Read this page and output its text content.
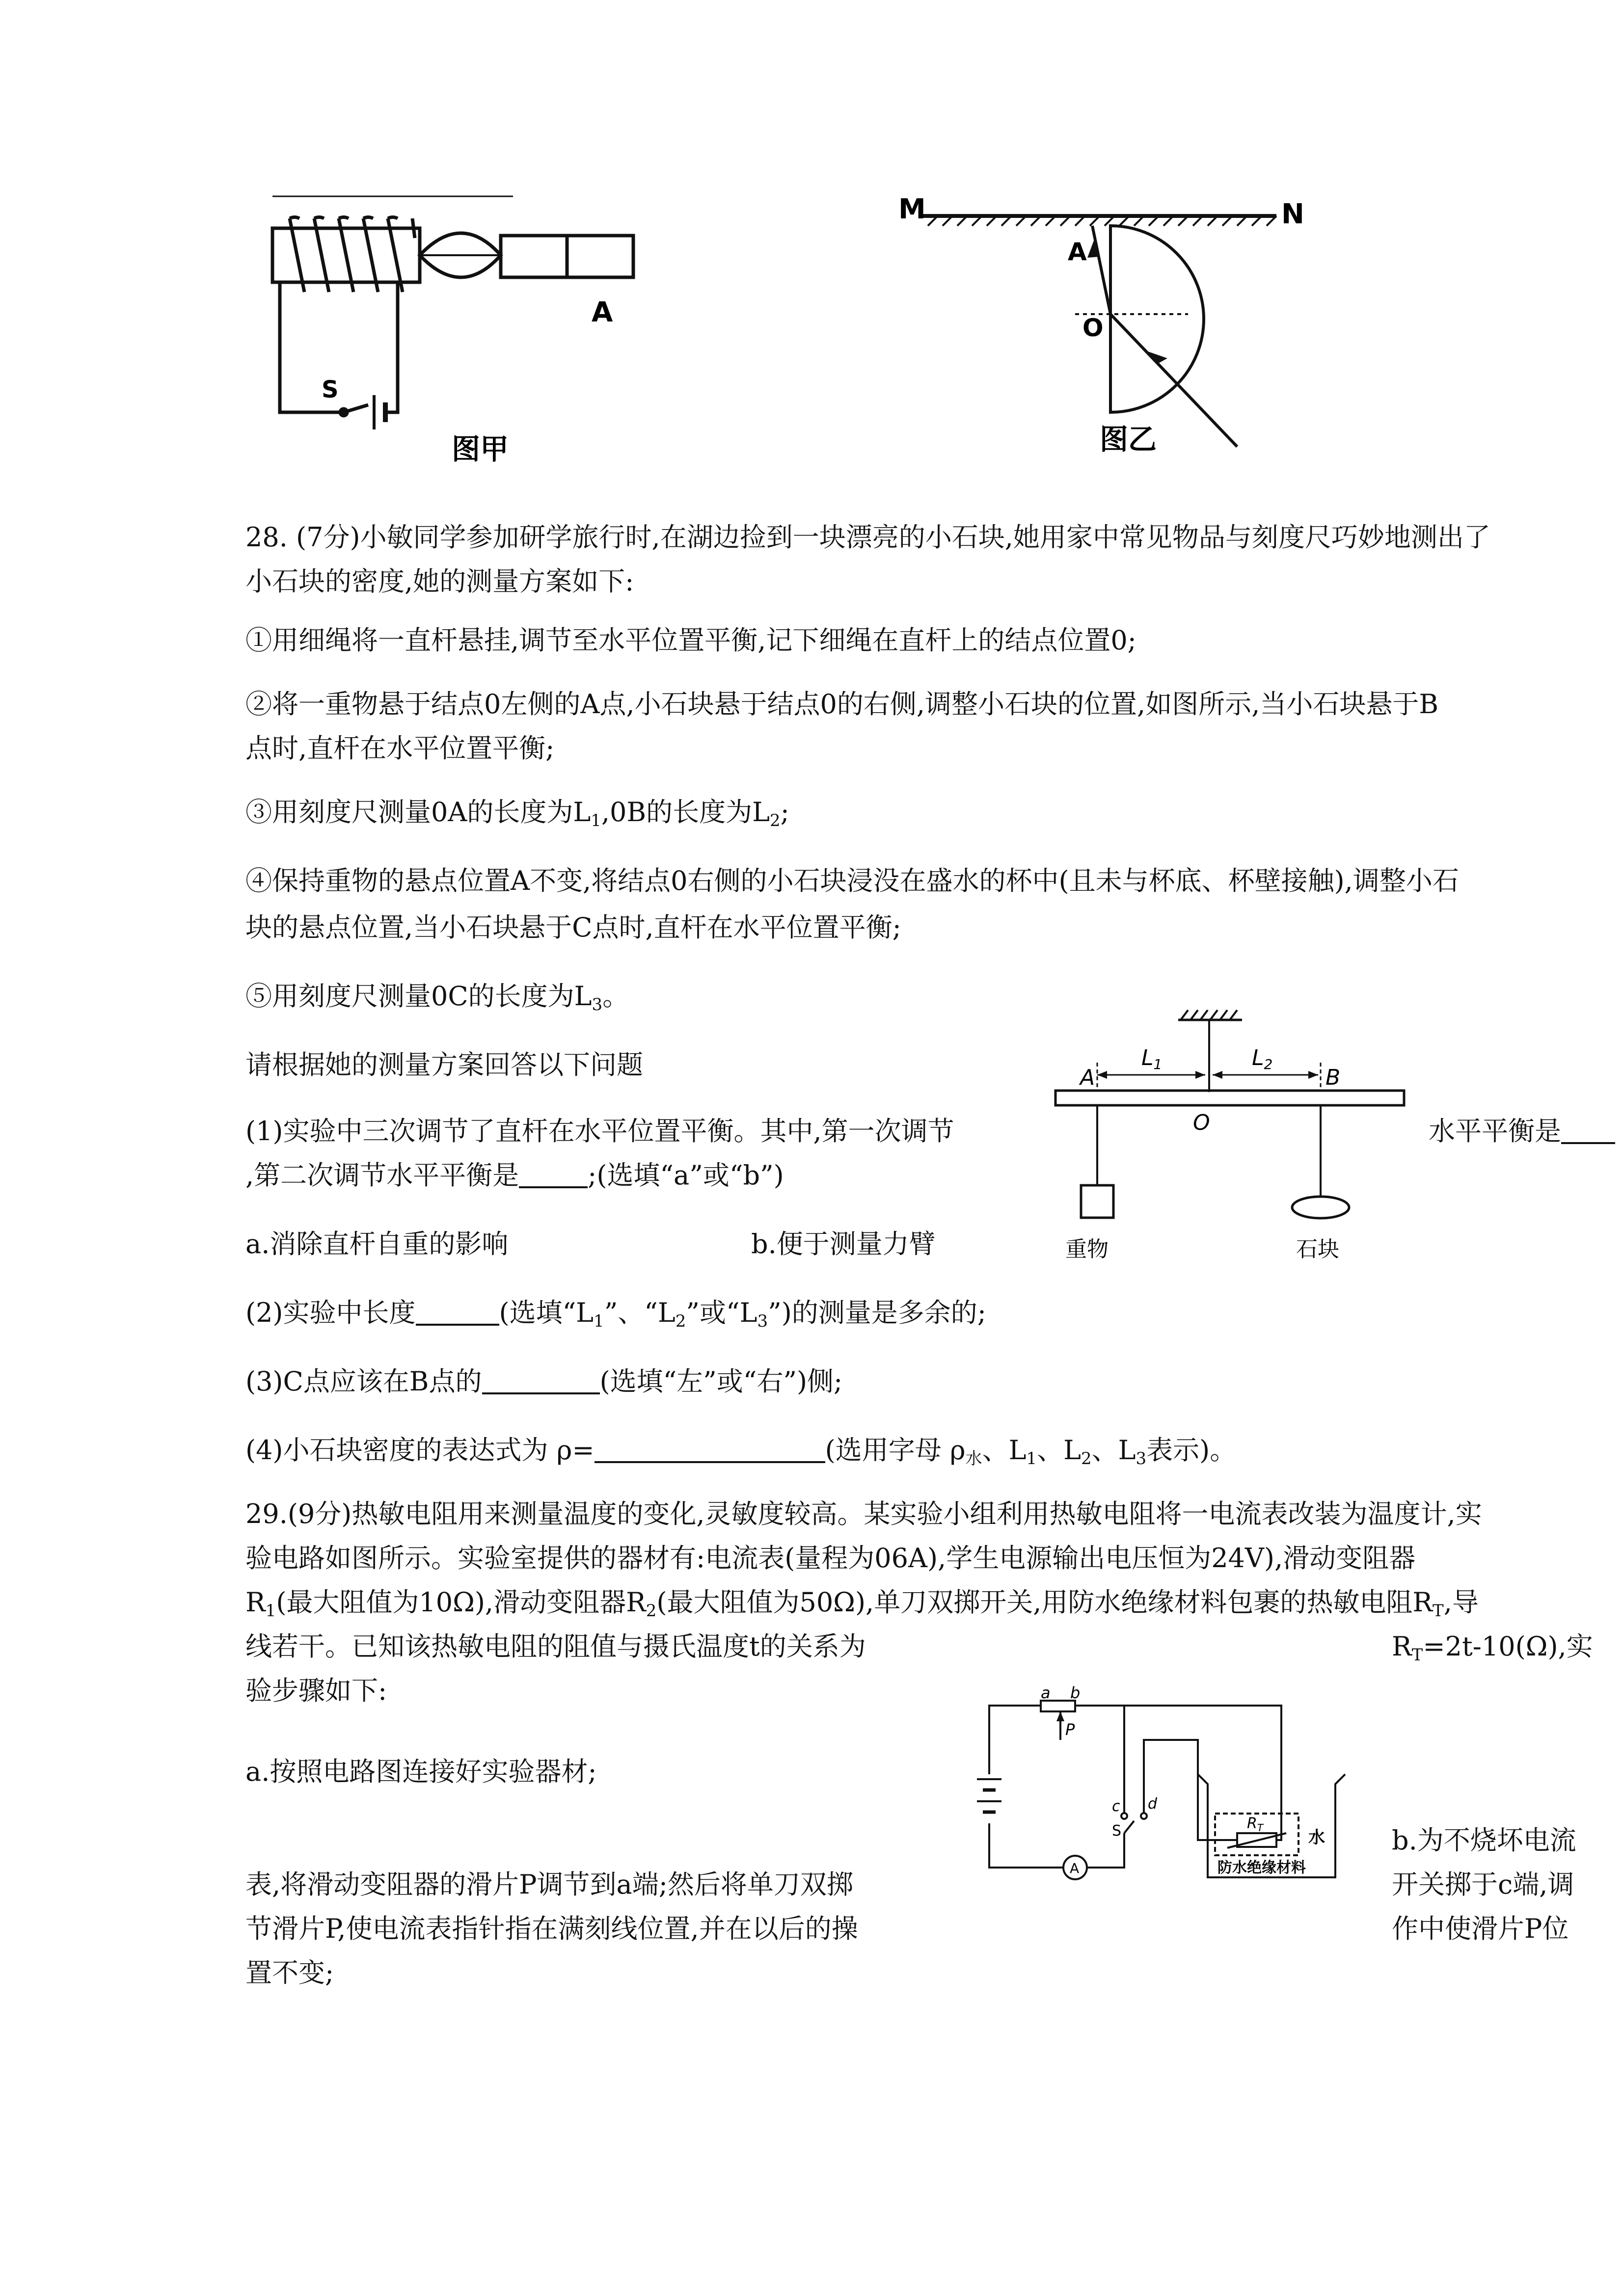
A
S
图甲
M	N
A
O
图乙
28. (7分)小敏同学参加研学旅行时,在湖边捡到一块漂亮的小石块,她用家中常见物品与刻度尺巧妙地测出了
小石块的密度,她的测量方案如下:
①用细绳将一直杆悬挂,调节至水平位置平衡,记下细绳在直杆上的结点位置0;
②将一重物悬于结点0左侧的A点,小石块悬于结点0的右侧,调整小石块的位置,如图所示,当小石块悬于B
点时,直杆在水平位置平衡;
③用刻度尺测量0A的长度为$L_1,0B$的长度为$L_2$;
④保持重物的悬点位置A不变,将结点0右侧的小石块浸没在盛水的杯中(且未与杯底、杯壁接触),调整小石
块的悬点位置,当小石块悬于C点时,直杆在水平位置平衡;
⑤用刻度尺测量0C的长度为$L_3$。
请根据她的测量方案回答以下问题	A	B
O
L1	L2
重物	石块
(1)实验中三次调节了直杆在水平位置平衡。其中,第一次调节	水平平衡是
,第二次调节水平平衡是	;(选填“a”或“b”)
a.消除直杆自重的影响	b.便于测量力臂
(2)实验中长度	(选填“$L_1$”、“$L_2$”或“$L_3$”)的测量是多余的;
(3)C点应该在B点的	(选填“左”或“右”)侧;
(4)小石块密度的表达式为 ρ=	(选用字母 $\rho_水$、$L_1$、$L_2$、$L_3$表示)。
29.(9分)热敏电阻用来测量温度的变化,灵敏度较高。某实验小组利用热敏电阻将一电流表改装为温度计,实
验电路如图所示。实验室提供的器材有:电流表(量程为06A),学生电源输出电压恒为24V),滑动变阻器
$R_1$(最大阻值为10Ω),滑动变阻器$R_2$(最大阻值为50Ω),单刀双掷开关,用防水绝缘材料包裹的热敏电阻$R_T$,导
线若干。已知该热敏电阻的阻值与摄氏温度t的关系为	$R_T=2t-10(\Omega)$,实
验步骤如下:	a b
P
c d
S	$R_T$	水
防水绝缘材料
A
a.按照电路图连接好实验器材;
b.为不烧坏电流
表,将滑动变阻器的滑片P调节到a端;然后将单刀双掷	开关掷于c端,调
节滑片P,使电流表指针指在满刻线位置,并在以后的操	作中使滑片P位
置不变;
